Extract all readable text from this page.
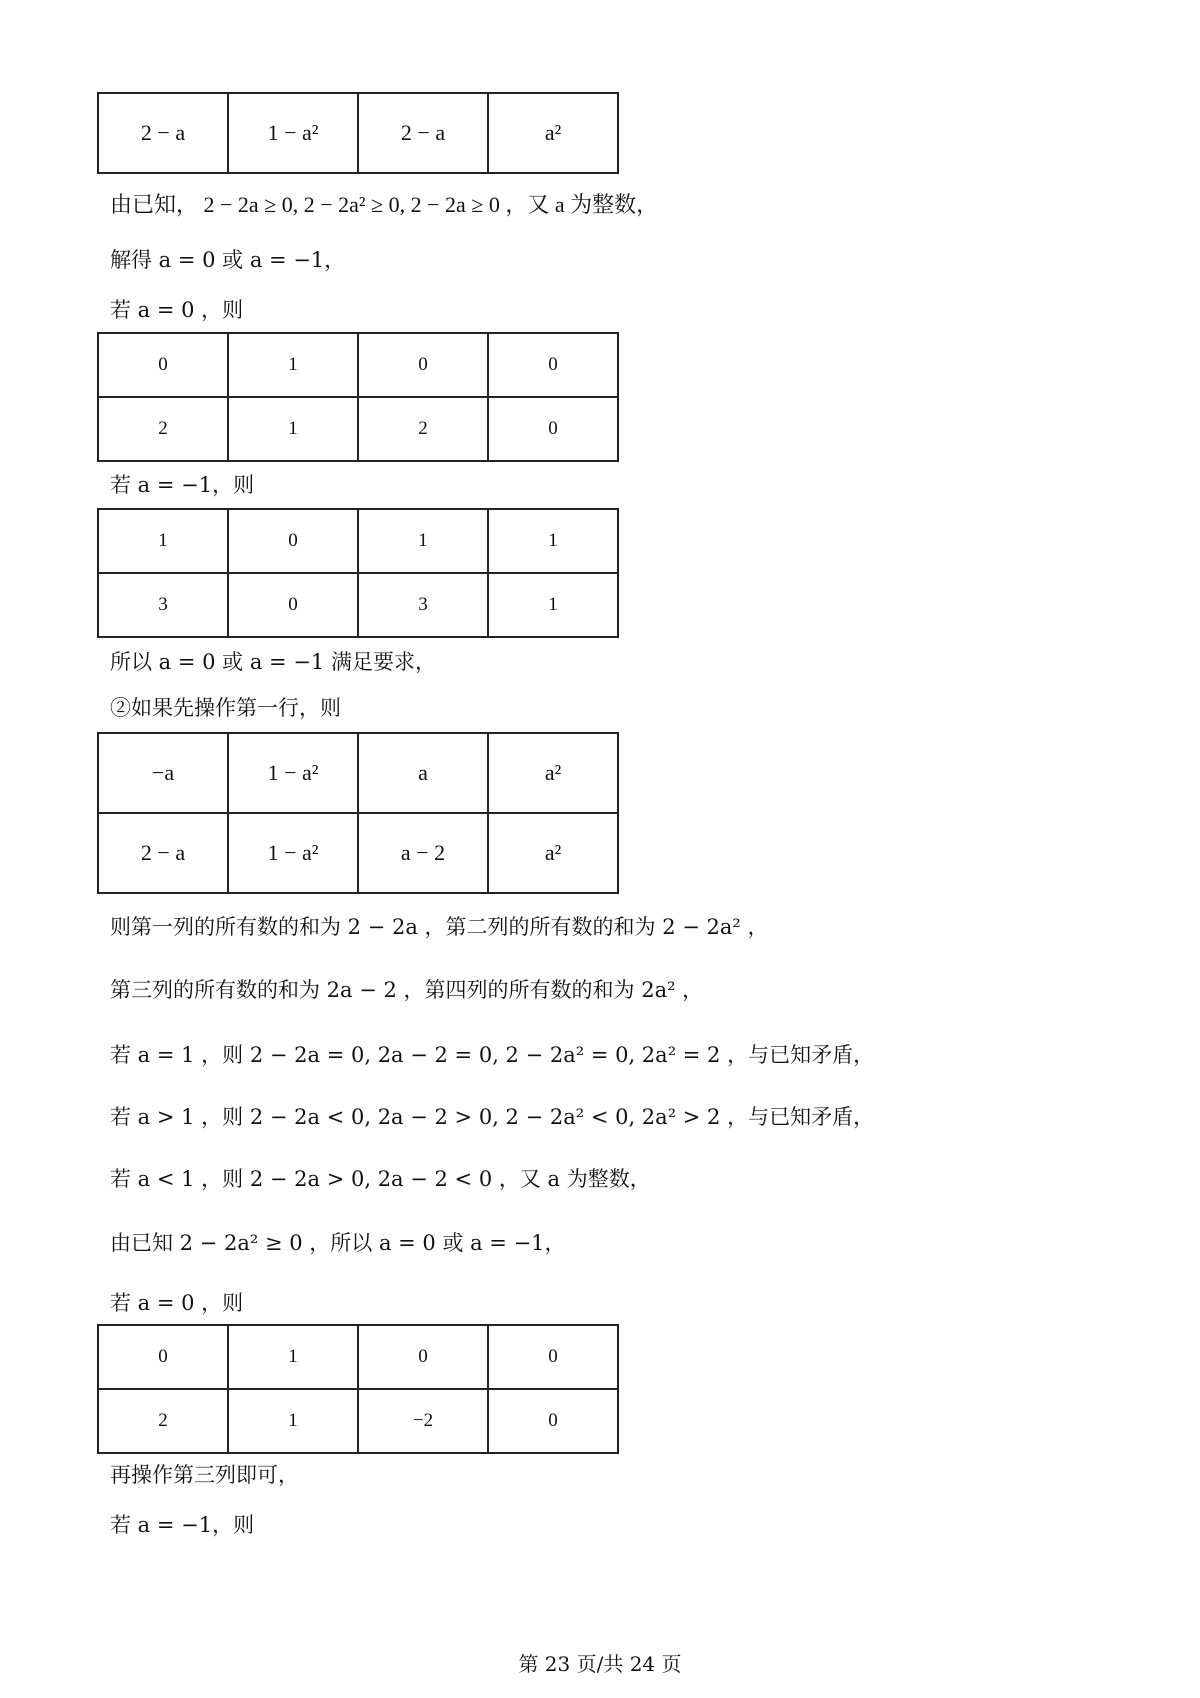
2 − a	1 − a²	2 − a	a²
由已知， 2 − 2a ≥ 0, 2 − 2a² ≥ 0, 2 − 2a ≥ 0 ，又 a 为整数，
解得 a = 0 或 a = −1，
若 a = 0 ，则
0	1	0	0
2	1	2	0
若 a = −1，则
1	0	1	1
3	0	3	1
所以 a = 0 或 a = −1 满足要求，
②如果先操作第一行，则
−a	1 − a²	a	a²
2 − a	1 − a²	a − 2	a²
则第一列的所有数的和为 2 − 2a ，第二列的所有数的和为 2 − 2a² ，
第三列的所有数的和为 2a − 2 ，第四列的所有数的和为 2a² ，
若 a = 1 ，则 2 − 2a = 0, 2a − 2 = 0, 2 − 2a² = 0, 2a² = 2 ，与已知矛盾，
若 a > 1 ，则 2 − 2a < 0, 2a − 2 > 0, 2 − 2a² < 0, 2a² > 2 ，与已知矛盾，
若 a < 1 ，则 2 − 2a > 0, 2a − 2 < 0 ，又 a 为整数，
由已知 2 − 2a² ≥ 0 ，所以 a = 0 或 a = −1，
若 a = 0 ，则
0	1	0	0
2	1	−2	0
再操作第三列即可，
若 a = −1，则
第 23 页/共 24 页
